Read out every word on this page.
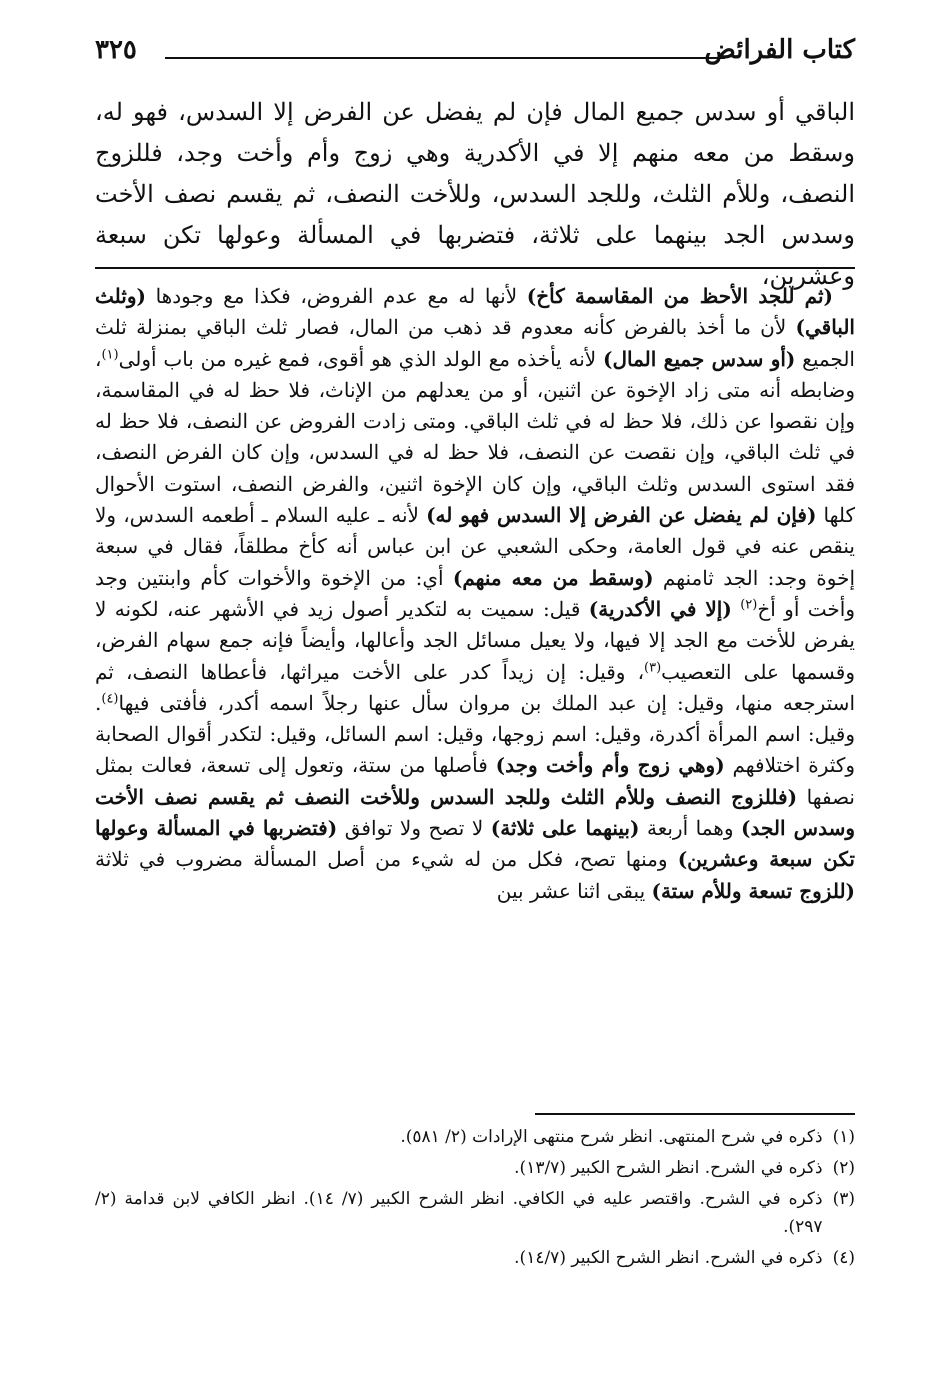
كتاب الفرائض
٣٢٥

الباقي أو سدس جميع المال فإن لم يفضل عن الفرض إلا السدس، فهو له، وسقط من معه منهم إلا في الأكدرية وهي زوج وأم وأخت وجد، فللزوج النصف، وللأم الثلث، وللجد السدس، وللأخت النصف، ثم يقسم نصف الأخت وسدس الجد بينهما على ثلاثة، فتضربها في المسألة وعولها تكن سبعة وعشرين،

(ثم للجد الأحظ من المقاسمة كأخ) لأنها له مع عدم الفروض، فكذا مع وجودها (وثلث الباقي) لأن ما أخذ بالفرض كأنه معدوم قد ذهب من المال، فصار ثلث الباقي بمنزلة ثلث الجميع (أو سدس جميع المال) لأنه يأخذه مع الولد الذي هو أقوى، فمع غيره من باب أولى$^{(١)}$، وضابطه أنه متى زاد الإخوة عن اثنين، أو من يعدلهم من الإناث، فلا حظ له في المقاسمة، وإن نقصوا عن ذلك، فلا حظ له في ثلث الباقي. ومتى زادت الفروض عن النصف، فلا حظ له في ثلث الباقي، وإن نقصت عن النصف، فلا حظ له في السدس، وإن كان الفرض النصف، فقد استوى السدس وثلث الباقي، وإن كان الإخوة اثنين، والفرض النصف، استوت الأحوال كلها (فإن لم يفضل عن الفرض إلا السدس فهو له) لأنه ـ عليه السلام ـ أطعمه السدس، ولا ينقص عنه في قول العامة، وحكى الشعبي عن ابن عباس أنه كأخ مطلقاً، فقال في سبعة إخوة وجد: الجد ثامنهم (وسقط من معه منهم) أي: من الإخوة والأخوات كأم وابنتين وجد وأخت أو أخ$^{(٢)}$ (إلا في الأكدرية) قيل: سميت به لتكدير أصول زيد في الأشهر عنه، لكونه لا يفرض للأخت مع الجد إلا فيها، ولا يعيل مسائل الجد وأعالها، وأيضاً فإنه جمع سهام الفرض، وقسمها على التعصيب$^{(٣)}$، وقيل: إن زيداً كدر على الأخت ميراثها، فأعطاها النصف، ثم استرجعه منها، وقيل: إن عبد الملك بن مروان سأل عنها رجلاً اسمه أكدر، فأفتى فيها$^{(٤)}$. وقيل: اسم المرأة أكدرة، وقيل: اسم زوجها، وقيل: اسم السائل، وقيل: لتكدر أقوال الصحابة وكثرة اختلافهم (وهي زوج وأم وأخت وجد) فأصلها من ستة، وتعول إلى تسعة، فعالت بمثل نصفها (فللزوج النصف وللأم الثلث وللجد السدس وللأخت النصف ثم يقسم نصف الأخت وسدس الجد) وهما أربعة (بينهما على ثلاثة) لا تصح ولا توافق (فتضربها في المسألة وعولها تكن سبعة وعشرين) ومنها تصح، فكل من له شيء من أصل المسألة مضروب في ثلاثة (للزوج تسعة وللأم ستة) يبقى اثنا عشر بين

(١)
ذكره في شرح المنتهى. انظر شرح منتهى الإرادات (٢/ ٥٨١).
(٢)
ذكره في الشرح. انظر الشرح الكبير (١٣/٧).
(٣)
ذكره في الشرح. واقتصر عليه في الكافي. انظر الشرح الكبير (٧/ ١٤). انظر الكافي لابن قدامة (٢/ ٢٩٧).
(٤)
ذكره في الشرح. انظر الشرح الكبير (١٤/٧).
